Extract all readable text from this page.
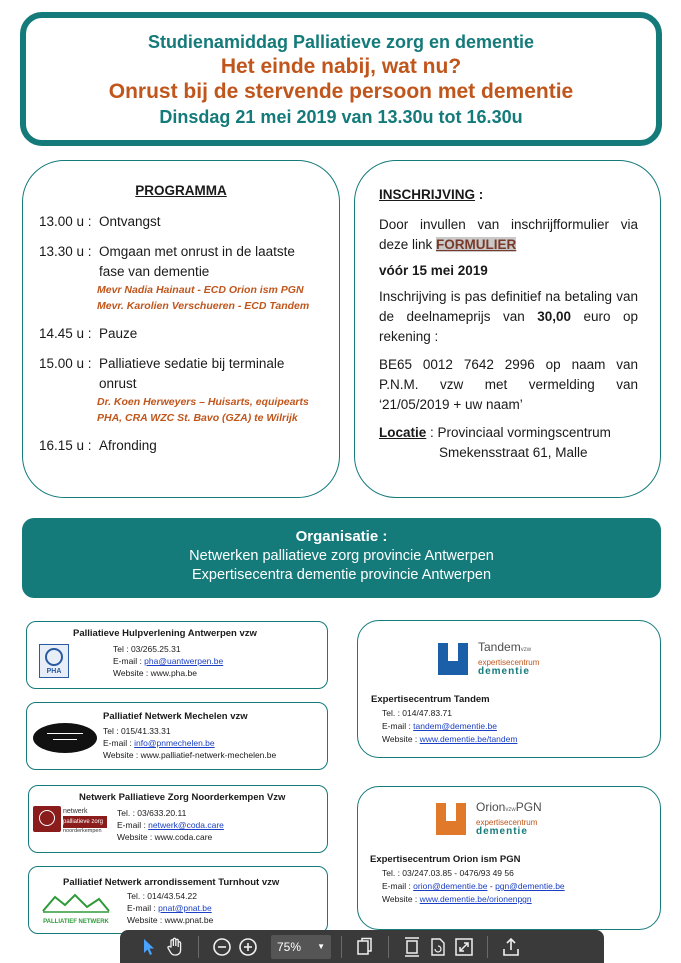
Studienamiddag Palliatieve zorg en dementie
Het einde nabij, wat nu?
Onrust bij de stervende persoon met dementie
Dinsdag 21 mei 2019 van 13.30u tot 16.30u
PROGRAMMA
13.00 u : Ontvangst
13.30 u : Omgaan met onrust in de laatste
fase van dementie
Mevr Nadia Hainaut - ECD Orion ism PGN
Mevr. Karolien Verschueren - ECD Tandem
14.45 u : Pauze
15.00 u : Palliatieve sedatie bij terminale
onrust
Dr. Koen Herweyers – Huisarts, equipearts
PHA, CRA WZC St. Bavo (GZA) te Wilrijk
16.15 u : Afronding
INSCHRIJVING :
Door invullen van inschrijfformulier via deze link FORMULIER
vóór 15 mei 2019
Inschrijving is pas definitief na betaling van de deelnameprijs van 30,00 euro op rekening :
BE65 0012 7642 2996 op naam van P.N.M. vzw met vermelding van ‘21/05/2019 + uw naam’
Locatie : Provinciaal vormingscentrum
Smekensstraat 61, Malle
Organisatie :
Netwerken palliatieve zorg provincie Antwerpen
Expertisecentra dementie provincie Antwerpen
PHA
Palliatieve Hulpverlening Antwerpen vzw
Tel : 03/265.25.31
E-mail : pha@uantwerpen.be
Website : www.pha.be
Palliatief Netwerk Mechelen vzw
Tel : 015/41.33.31
E-mail : info@pnmechelen.be
Website : www.palliatief-netwerk-mechelen.be
netwerk
palliatieve zorg
noorderkempen
Netwerk Palliatieve Zorg Noorderkempen Vzw
Tel. : 03/633.20.11
E-mail : netwerk@coda.care
Website : www.coda.care
PALLIATIEF NETWERK
Palliatief Netwerk arrondissement Turnhout vzw
Tel. : 014/43.54.22
E-mail : pnat@pnat.be
Website : www.pnat.be
Tandemvzw
expertisecentrum
dementie
Expertisecentrum Tandem
Tel. : 014/47.83.71
E-mail : tandem@dementie.be
Website : www.dementie.be/tandem
OrionvzwPGN
expertisecentrum
dementie
Expertisecentrum Orion ism PGN
Tel. : 03/247.03.85 - 0476/93 49 56
E-mail : orion@dementie.be - pgn@dementie.be
Website : www.dementie.be/orionenpgn
75% ▼
